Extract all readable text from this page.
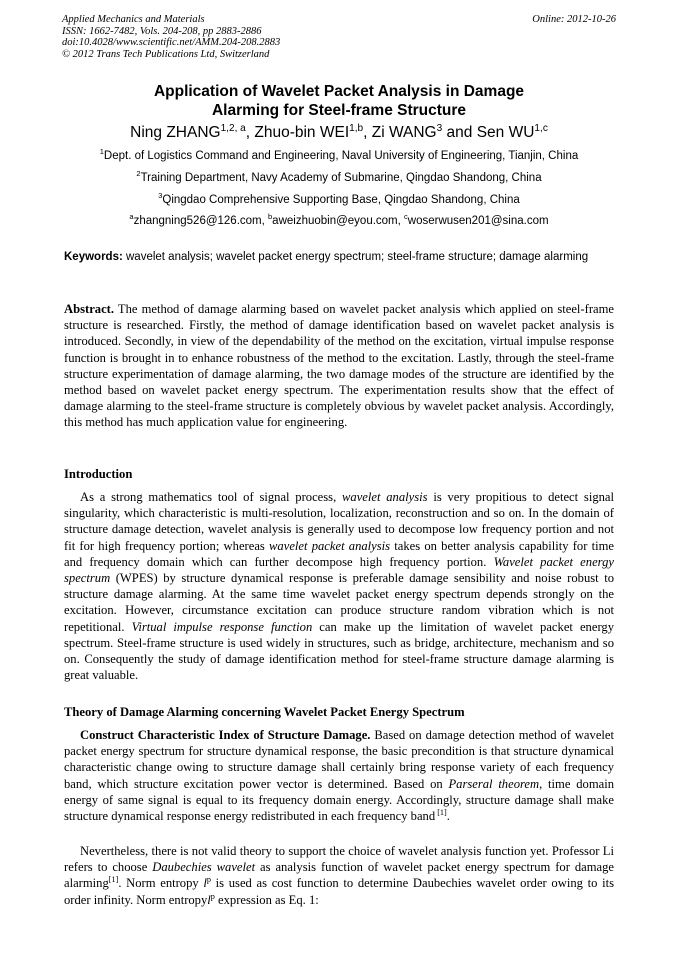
Applied Mechanics and Materials
ISSN: 1662-7482, Vols. 204-208, pp 2883-2886
doi:10.4028/www.scientific.net/AMM.204-208.2883
© 2012 Trans Tech Publications Ltd, Switzerland
Online: 2012-10-26
Application of Wavelet Packet Analysis in Damage
Alarming for Steel-frame Structure
Ning ZHANG$^{1,2, a}$, Zhuo-bin WEI$^{1,b}$, Zi WANG$^3$ and Sen WU$^{1,c}$
$^1$Dept. of Logistics Command and Engineering, Naval University of Engineering, Tianjin, China
$^2$Training Department, Navy Academy of Submarine, Qingdao Shandong, China
$^3$Qingdao Comprehensive Supporting Base, Qingdao Shandong, China
$^a$zhangning526@126.com, $^b$aweizhuobin@eyou.com, $^c$woserwusen201@sina.com
Keywords: wavelet analysis; wavelet packet energy spectrum; steel-frame structure; damage alarming
Abstract. The method of damage alarming based on wavelet packet analysis which applied on steel-frame structure is researched. Firstly, the method of damage identification based on wavelet packet analysis is introduced. Secondly, in view of the dependability of the method on the excitation, virtual impulse response function is brought in to enhance robustness of the method to the excitation. Lastly, through the steel-frame structure experimentation of damage alarming, the two damage modes of the structure are identified by the method based on wavelet packet energy spectrum. The experimentation results show that the effect of damage alarming to the steel-frame structure is completely obvious by wavelet packet analysis. Accordingly, this method has much application value for engineering.
Introduction
As a strong mathematics tool of signal process, wavelet analysis is very propitious to detect signal singularity, which characteristic is multi-resolution, localization, reconstruction and so on. In the domain of structure damage detection, wavelet analysis is generally used to decompose low frequency portion and not fit for high frequency portion; whereas wavelet packet analysis takes on better analysis capability for time and frequency domain which can further decompose high frequency portion. Wavelet packet energy spectrum (WPES) by structure dynamical response is preferable damage sensibility and noise robust to structure damage alarming. At the same time wavelet packet energy spectrum depends strongly on the excitation. However, circumstance excitation can produce structure random vibration which is not repetitional. Virtual impulse response function can make up the limitation of wavelet packet energy spectrum. Steel-frame structure is used widely in structures, such as bridge, architecture, mechanism and so on. Consequently the study of damage identification method for steel-frame structure damage alarming is great valuable.
Theory of Damage Alarming concerning Wavelet Packet Energy Spectrum
Construct Characteristic Index of Structure Damage. Based on damage detection method of wavelet packet energy spectrum for structure dynamical response, the basic precondition is that structure dynamical characteristic change owing to structure damage shall certainly bring response variety of each frequency band, which structure excitation power vector is determined. Based on Parseral theorem, time domain energy of same signal is equal to its frequency domain energy. Accordingly, structure damage shall make structure dynamical response energy redistributed in each frequency band [1].
Nevertheless, there is not valid theory to support the choice of wavelet analysis function yet. Professor Li refers to choose Daubechies wavelet as analysis function of wavelet packet energy spectrum for damage alarming[1]. Norm entropy $l^p$ is used as cost function to determine Daubechies wavelet order owing to its order infinity. Norm entropyl$^p$ expression as Eq. 1:
